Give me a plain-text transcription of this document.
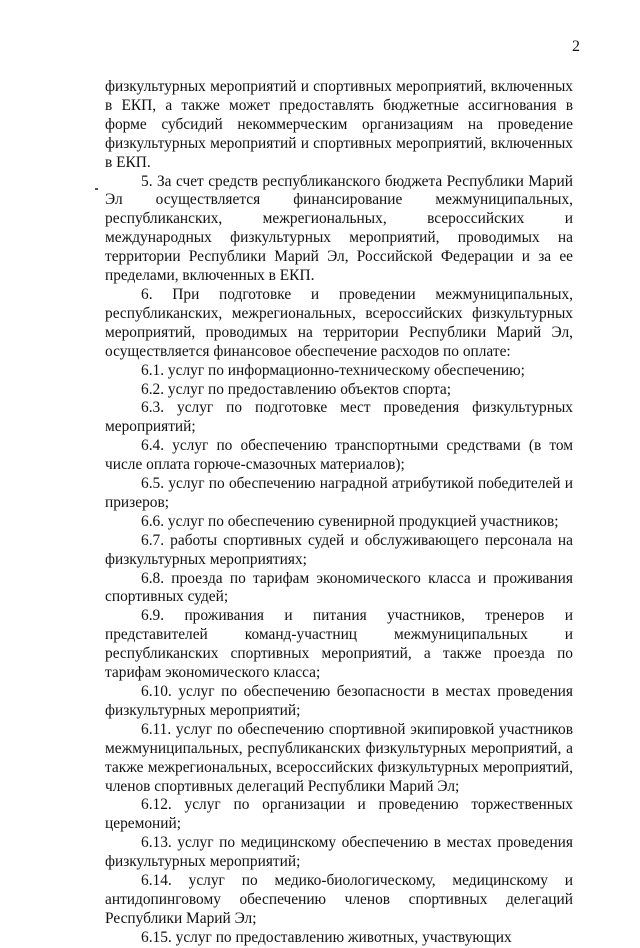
2

физкультурных мероприятий и спортивных мероприятий, включенных в ЕКП, а также может предоставлять бюджетные ассигнования в форме субсидий некоммерческим организациям на проведение физкультурных мероприятий и спортивных мероприятий, включенных в ЕКП.

5. За счет средств республиканского бюджета Республики Марий Эл осуществляется финансирование межмуниципальных, республиканских, межрегиональных, всероссийских и международных физкультурных мероприятий, проводимых на территории Республики Марий Эл, Российской Федерации и за ее пределами, включенных в ЕКП.

6. При подготовке и проведении межмуниципальных, республиканских, межрегиональных, всероссийских физкультурных мероприятий, проводимых на территории Республики Марий Эл, осуществляется финансовое обеспечение расходов по оплате:

6.1. услуг по информационно-техническому обеспечению;

6.2. услуг по предоставлению объектов спорта;

6.3. услуг по подготовке мест проведения физкультурных мероприятий;

6.4. услуг по обеспечению транспортными средствами (в том числе оплата горюче-смазочных материалов);

6.5. услуг по обеспечению наградной атрибутикой победителей и призеров;

6.6. услуг по обеспечению сувенирной продукцией участников;

6.7. работы спортивных судей и обслуживающего персонала на физкультурных мероприятиях;

6.8. проезда по тарифам экономического класса и проживания спортивных судей;

6.9. проживания и питания участников, тренеров и представителей команд-участниц межмуниципальных и республиканских спортивных мероприятий, а также проезда по тарифам экономического класса;

6.10. услуг по обеспечению безопасности в местах проведения физкультурных мероприятий;

6.11. услуг по обеспечению спортивной экипировкой участников межмуниципальных, республиканских физкультурных мероприятий, а также межрегиональных, всероссийских физкультурных мероприятий, членов спортивных делегаций Республики Марий Эл;

6.12. услуг по организации и проведению торжественных церемоний;

6.13. услуг по медицинскому обеспечению в местах проведения физкультурных мероприятий;

6.14. услуг по медико-биологическому, медицинскому и антидопинговому обеспечению членов спортивных делегаций Республики Марий Эл;

6.15. услуг по предоставлению животных, участвующих
